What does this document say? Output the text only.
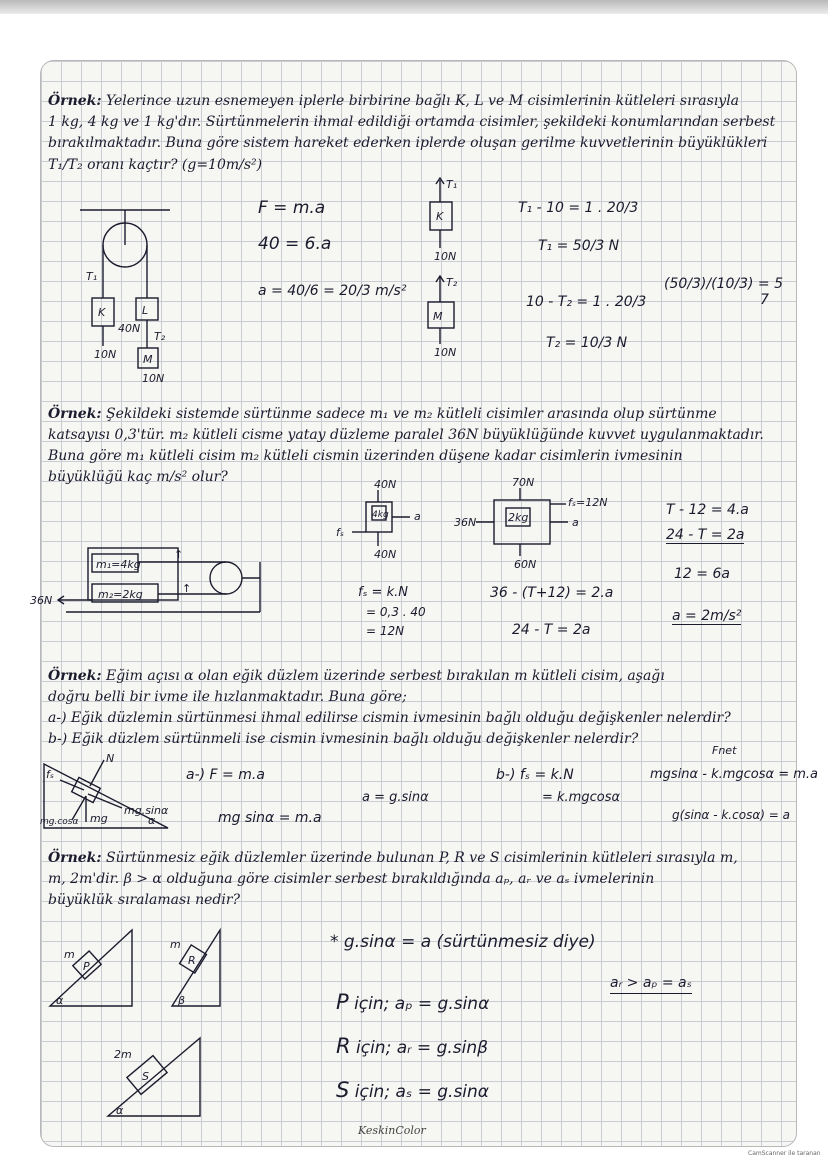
Örnek: Yelerince uzun esnemeyen iplerle birbirine bağlı K, L ve M cisimlerinin kütleleri sırasıyla
1 kg, 4 kg ve 1 kg'dır. Sürtünmelerin ihmal edildiği ortamda cisimler, şekildeki konumlarından serbest
bırakılmaktadır. Buna göre sistem hareket ederken iplerde oluşan gerilme kuvvetlerinin büyüklükleri
T₁/T₂ oranı kaçtır? (g=10m/s²)
T₁
T₂
K	L
M
10N
40N
10N
F = m.a
40 = 6.a
a = 40/6 = 20/3 m/s²
T₁
K
10N
T₂
M
10N
T₁ - 10 = 1 . 20/3
T₁ = 50/3 N
10 - T₂ = 1 . 20/3
T₂ = 10/3 N
(50/3)/(10/3) = 5
7
Örnek: Şekildeki sistemde sürtünme sadece m₁ ve m₂ kütleli cisimler arasında olup sürtünme
katsayısı 0,3'tür. m₂ kütleli cisme yatay düzleme paralel 36N büyüklüğünde kuvvet uygulanmaktadır.
Buna göre m₁ kütleli cisim m₂ kütleli cismin üzerinden düşene kadar cisimlerin ivmesinin
büyüklüğü kaç m/s² olur?
m₁=4kg
m₂=2kg
36N
↑
↑
40N
4kg a
fₛ
40N
70N
fₛ=12N
2kg	a
36N
60N
fₛ = k.N
= 0,3 . 40
= 12N
36 - (T+12) = 2.a
24 - T = 2a
T - 12 = 4.a
24 - T = 2a
12 = 6a
a = 2m/s²
Örnek: Eğim açısı α olan eğik düzlem üzerinde serbest bırakılan m kütleli cisim, aşağı
doğru belli bir ivme ile hızlanmaktadır. Buna göre;
a-) Eğik düzlemin sürtünmesi ihmal edilirse cismin ivmesinin bağlı olduğu değişkenler nelerdir?
b-) Eğik düzlem sürtünmeli ise cismin ivmesinin bağlı olduğu değişkenler nelerdir?
N
fₛ
mg.sinα
mg.cosα mg	α
a-) F = m.a
mg sinα = m.a
a = g.sinα
b-) fₛ = k.N
= k.mgcosα
Fnet
mgsinα - k.mgcosα = m.a
g(sinα - k.cosα) = a
Örnek: Sürtünmesiz eğik düzlemler üzerinde bulunan P, R ve S cisimlerinin kütleleri sırasıyla m,
m, 2m'dir. β > α olduğuna göre cisimler serbest bırakıldığında aₚ, aᵣ ve aₛ ivmelerinin
büyüklük sıralaması nedir?
P
m
α
R
m
β
S
2m
α
* g.sinα = a (sürtünmesiz diye)
P için; aₚ = g.sinα
R için; aᵣ = g.sinβ
S için; aₛ = g.sinα
aᵣ > aₚ = aₛ
KeskinColor
CamScanner ile taranan
